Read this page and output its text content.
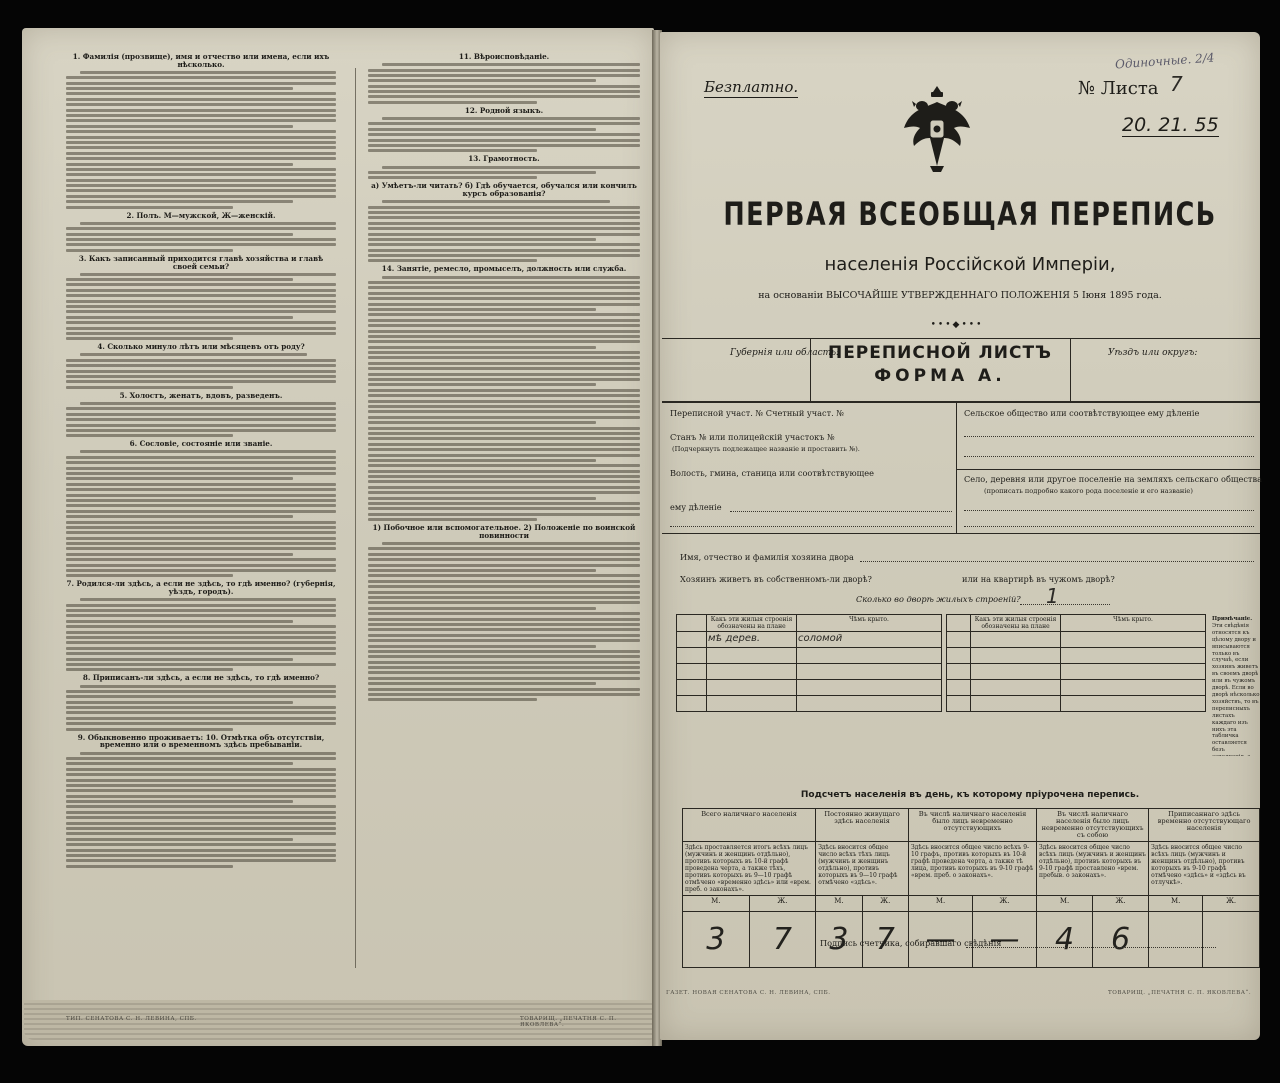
1. Фамилія (прозвище), имя и отчество или имена, если ихъ нѣсколько.
2. Полъ. М—мужской, Ж—женскій.
3. Какъ записанный приходится главѣ хозяйства и главѣ своей семьи?
4. Сколько минуло лѣтъ или мѣсяцевъ отъ роду?
5. Холостъ, женатъ, вдовъ, разведенъ.
6. Сословіе, состояніе или званіе.
7. Родился-ли здѣсь, а если не здѣсь, то гдѣ именно? (губернія, уѣздъ, городъ).
8. Приписанъ-ли здѣсь, а если не здѣсь, то гдѣ именно?
9. Обыкновенно проживаетъ: 10. Отмѣтка объ отсутствіи, временно или о временномъ здѣсь пребываніи.
11. Вѣроисповѣданіе.
12. Родной языкъ.
13. Грамотность.
а) Умѣетъ-ли читать? б) Гдѣ обучается, обучался или кончилъ курсъ образованія?
14. Занятіе, ремесло, промыселъ, должность или служба.
1) Побочное или вспомогательное. 2) Положеніе по воинской повинности
ТИП. СЕНАТОВА С. Н. ЛЕВИНА, СПБ.	ТОВАРИЩ. „ПЕЧАТНЯ С. П. ЯКОВЛЕВА“.
Безплатно.
Одиночные. 2/4
№ Листа 7
20. 21. 55
ПЕРВАЯ ВСЕОБЩАЯ ПЕРЕПИСЬ
населенія Россійской Имперіи,
на основаніи ВЫСОЧАЙШЕ УТВЕРЖДЕННАГО ПОЛОЖЕНІЯ 5 Іюня 1895 года.
•••◆•••
Губернія или область:	Уѣздъ или округъ:
ПЕРЕПИСНОЙ ЛИСТЪ
ФОРМА А.
Переписной участ. № Счетный участ. №
Станъ № или полицейскій участокъ №
(Подчеркнуть подлежащее названіе и проставить №).
Волость, гмина, станица или соотвѣтствующее
ему дѣленіе
Сельское общество или соотвѣтствующее ему дѣленіе
Село, деревня или другое поселеніе на земляхъ сельскаго общества
(прописать подробно какого рода поселеніе и его названіе)
Имя, отчество и фамилія хозяина двора
Хозяинъ живетъ въ собственномъ-ли дворѣ?	или на квартирѣ въ чужомъ дворѣ?
Сколько во дворѣ жилыхъ строеній? 1
	Какъ эти жилыя строенія обозначены на плане	Чѣмъ крыто.
	мѣ дерев.	соломой

	Какъ эти жилыя строенія обозначены на плане	Чѣмъ крыто.

			Примѣчаніе. Эти свѣдѣнія относятся къ цѣлому двору и вписываются только въ случаѣ, если хозяинъ живетъ въ своемъ дворѣ или въ чужомъ дворѣ. Если во дворѣ нѣсколько хозяйствъ, то въ переписныхъ листахъ каждаго изъ нихъ эта табличка оставляется безъ
Подсчетъ населенія въ день, къ которому пріурочена перепись.
Всего наличнаго населенія		Постоянно живущаго здѣсь населенія		Въ числѣ наличнаго населенія было лицъ невременно отсутствующихъ		Въ числѣ наличнаго населенія было лицъ невременно отсутствующихъ съ собою		Приписаннаго здѣсь временно отсутствующаго населенія	
Здѣсь проставляется итогъ всѣхъ лицъ (мужчинъ и женщинъ отдѣльно), противъ которыхъ въ 10-й графѣ проведена черта, а также тѣхъ, противъ которыхъ въ 9—10 графѣ отмѣчено «временно здѣсь» или «врем. преб. о законахъ».		Здѣсь вносится общее число всѣхъ тѣхъ лицъ (мужчинъ и женщинъ отдѣльно), противъ которыхъ въ 9—10 графѣ отмѣчено «здѣсь».		Здѣсь вносится общее число всѣхъ 9-10 графъ, противъ которыхъ въ 10-й графѣ проведена черта, а также тѣ лица, противъ которыхъ въ 9-10 графѣ «врем. преб. о законахъ».		Здѣсь вносится общее число всѣхъ лицъ (мужчинъ и женщинъ отдѣльно), противъ которыхъ въ 9-10 графѣ проставлено «врем. пребыв. о законахъ».		Здѣсь вносится общее число всѣхъ лицъ (мужчинъ и женщинъ отдѣльно), противъ которыхъ въ 9-10 графѣ отмѣчено «здѣсь» и «здѣсь въ отлучкѣ».	
М.	Ж.	М.	Ж.	М.	Ж.	М.	Ж.	М.	Ж.
3	7	3	7	—	—	4	6		
Подпись счетчика, собиравшаго свѣдѣнія
ГАЗЕТ. НОВАЯ СЕНАТОВА С. Н. ЛЕВИНА, СПБ.	ТОВАРИЩ. „ПЕЧАТНЯ С. П. ЯКОВЛЕВА“.
